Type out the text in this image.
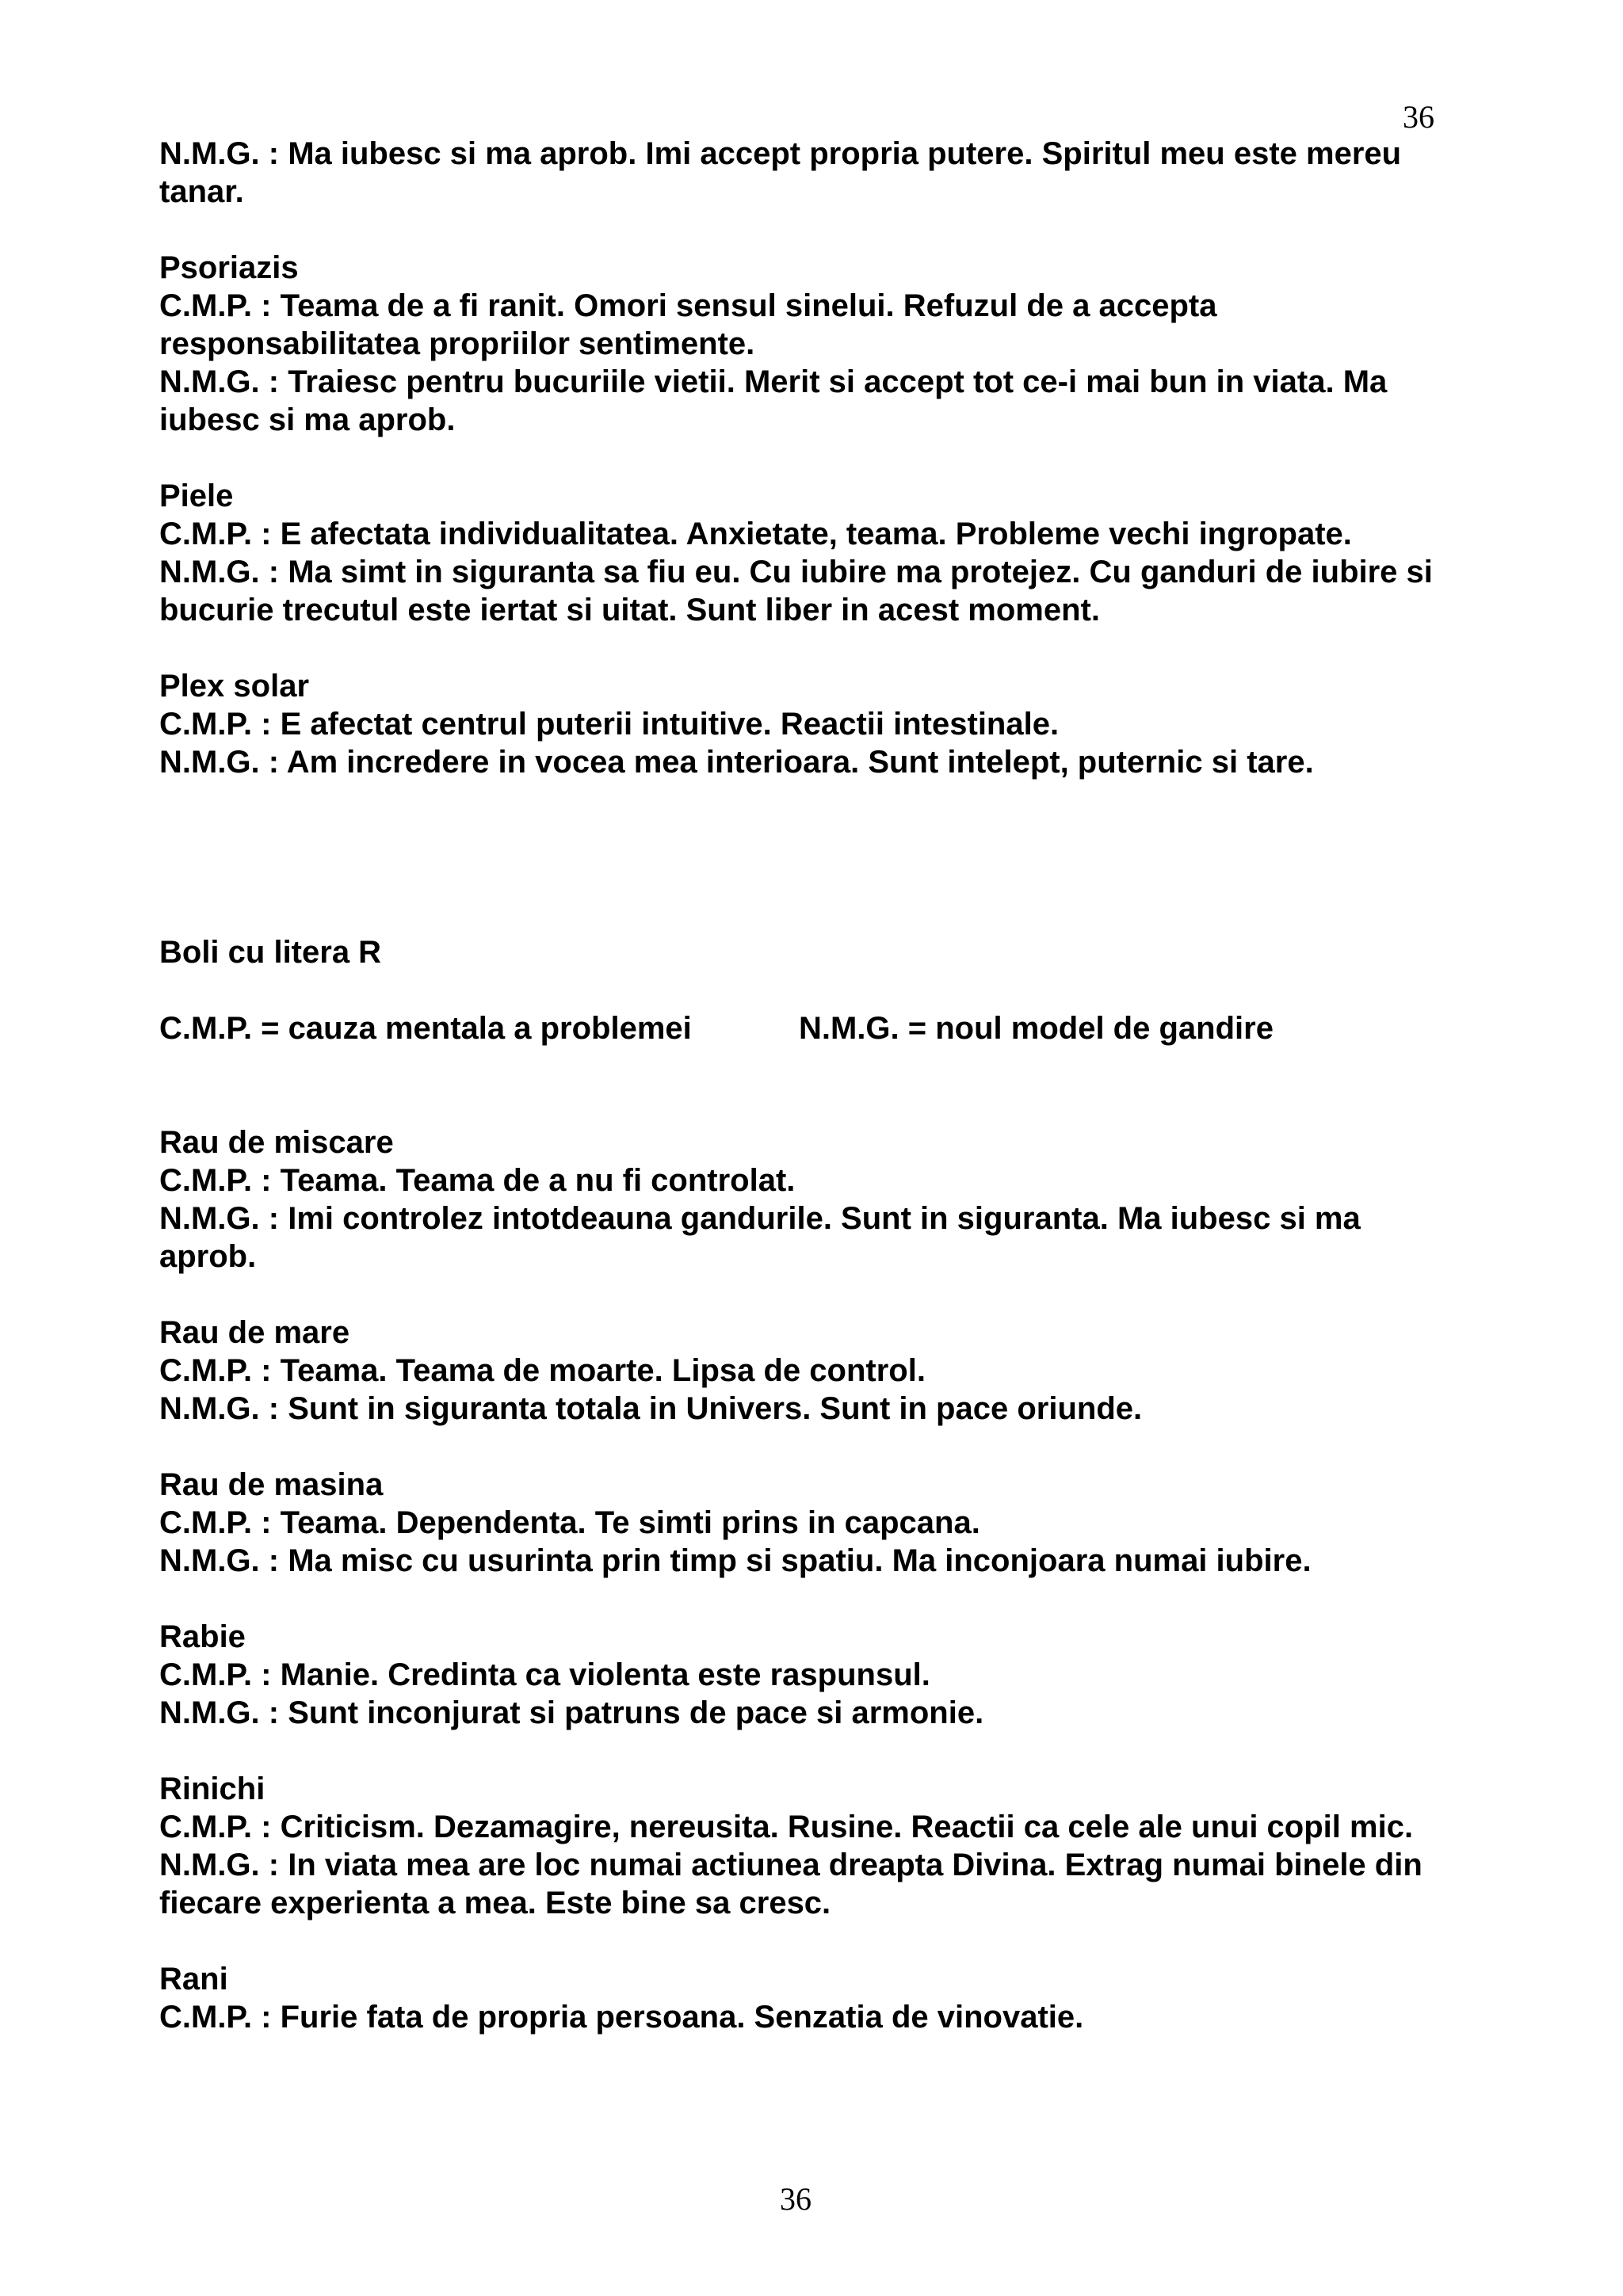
36

N.M.G. : Ma iubesc si ma aprob. Imi accept propria putere. Spiritul meu este mereu tanar.

Psoriazis

C.M.P. : Teama de a fi ranit. Omori sensul sinelui. Refuzul de a accepta responsabilitatea propriilor sentimente.

N.M.G. : Traiesc pentru bucuriile vietii. Merit si accept tot ce-i mai bun in viata. Ma iubesc si ma aprob.

Piele

C.M.P. : E afectata individualitatea. Anxietate, teama. Probleme vechi ingropate.

N.M.G. : Ma simt in siguranta sa fiu eu. Cu iubire ma protejez. Cu ganduri de iubire si bucurie trecutul este iertat si uitat. Sunt liber in acest moment.

Plex solar

C.M.P. : E afectat centrul puterii intuitive. Reactii intestinale.

N.M.G. : Am incredere in vocea mea interioara. Sunt intelept, puternic si tare.

Boli cu litera R

C.M.P. = cauza mentala a problemei	N.M.G. = noul model de gandire

Rau de miscare

C.M.P. : Teama. Teama de a nu fi controlat.

N.M.G. : Imi controlez intotdeauna gandurile. Sunt in siguranta. Ma iubesc si ma aprob.

Rau de mare

C.M.P. : Teama. Teama de moarte. Lipsa de control.

N.M.G. : Sunt in siguranta totala in Univers. Sunt in pace oriunde.

Rau de masina

C.M.P. : Teama. Dependenta. Te simti prins in capcana.

N.M.G. : Ma misc cu usurinta prin timp si spatiu. Ma inconjoara numai iubire.

Rabie

C.M.P. : Manie. Credinta ca violenta este raspunsul.

N.M.G. : Sunt inconjurat si patruns de pace si armonie.

Rinichi

C.M.P. : Criticism. Dezamagire, nereusita. Rusine. Reactii ca cele ale unui copil mic.

N.M.G. : In viata mea are loc numai actiunea dreapta Divina. Extrag numai binele din fiecare experienta a mea. Este bine sa cresc.

Rani

C.M.P. : Furie fata de propria persoana. Senzatia de vinovatie.

36
